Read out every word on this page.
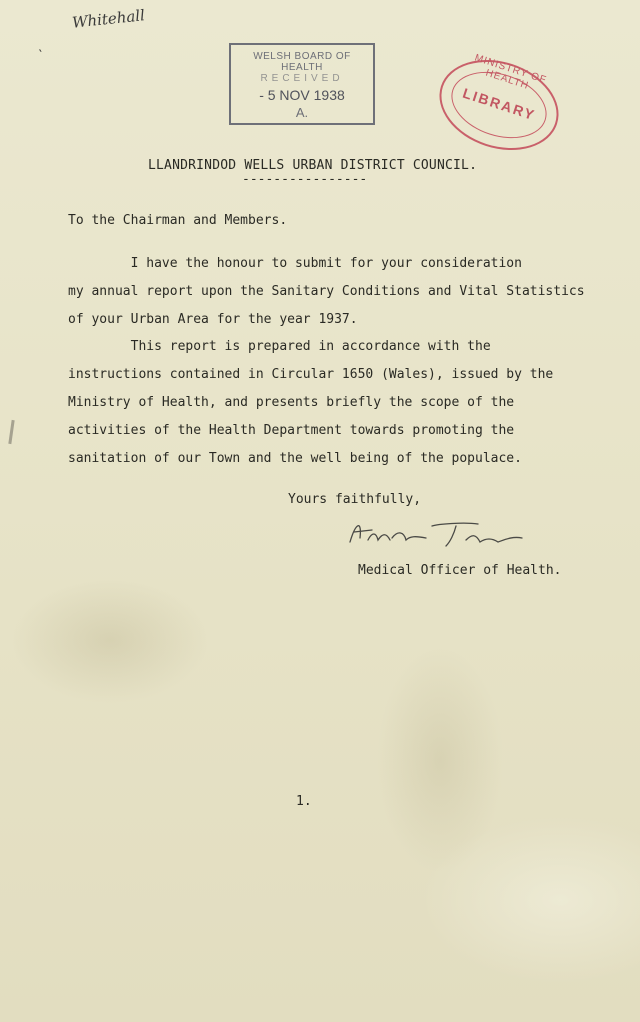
‵
Whitehall
WELSH BOARD OF HEALTH
RECEIVED
- 5 NOV 1938
A.
MINISTRY OF HEALTH
LIBRARY
LLANDRINDOD WELLS URBAN DISTRICT COUNCIL.
----------------
To the Chairman and Members.
I have the honour to submit for your consideration
my annual report upon the Sanitary Conditions and Vital Statistics
of your Urban Area for the year 1937.
This report is prepared in accordance with the
instructions contained in Circular 1650 (Wales), issued by the
Ministry of Health, and presents briefly the scope of the
activities of the Health Department towards promoting the
sanitation of our Town and the well being of the populace.
Yours faithfully,
Medical Officer of Health.
1.
